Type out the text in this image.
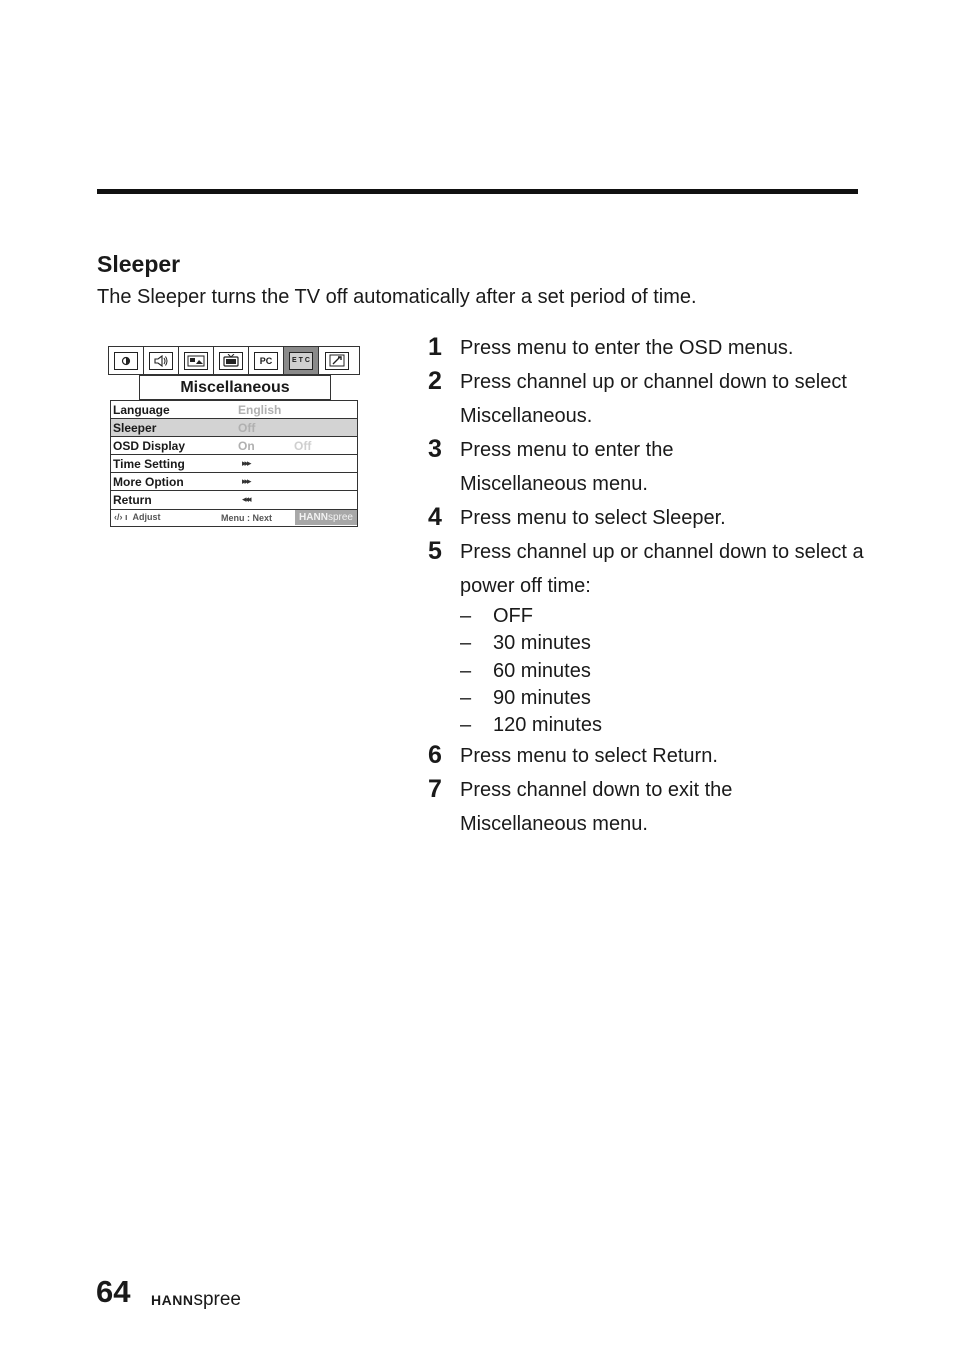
Sleeper
The Sleeper turns the TV off automatically after a set period of time.
PC	E T C
Miscellaneous
Language	English
Sleeper	Off
OSD Display	On	Off
Time Setting	▸▸▸
More Option	▸▸▸
Return	◂◂◂
‹/› ı Adjust	Menu : Next	HANNspree
1 Press menu to enter the OSD menus.
2 Press channel up or channel down to select Miscellaneous.
3 Press menu to enter the Miscellaneous menu.
4 Press menu to select Sleeper.
5 Press channel up or channel down to select a power off time:
– OFF
– 30 minutes
– 60 minutes
– 90 minutes
– 120 minutes
6 Press menu to select Return.
7 Press channel down to exit the Miscellaneous menu.
64 HANNspree
